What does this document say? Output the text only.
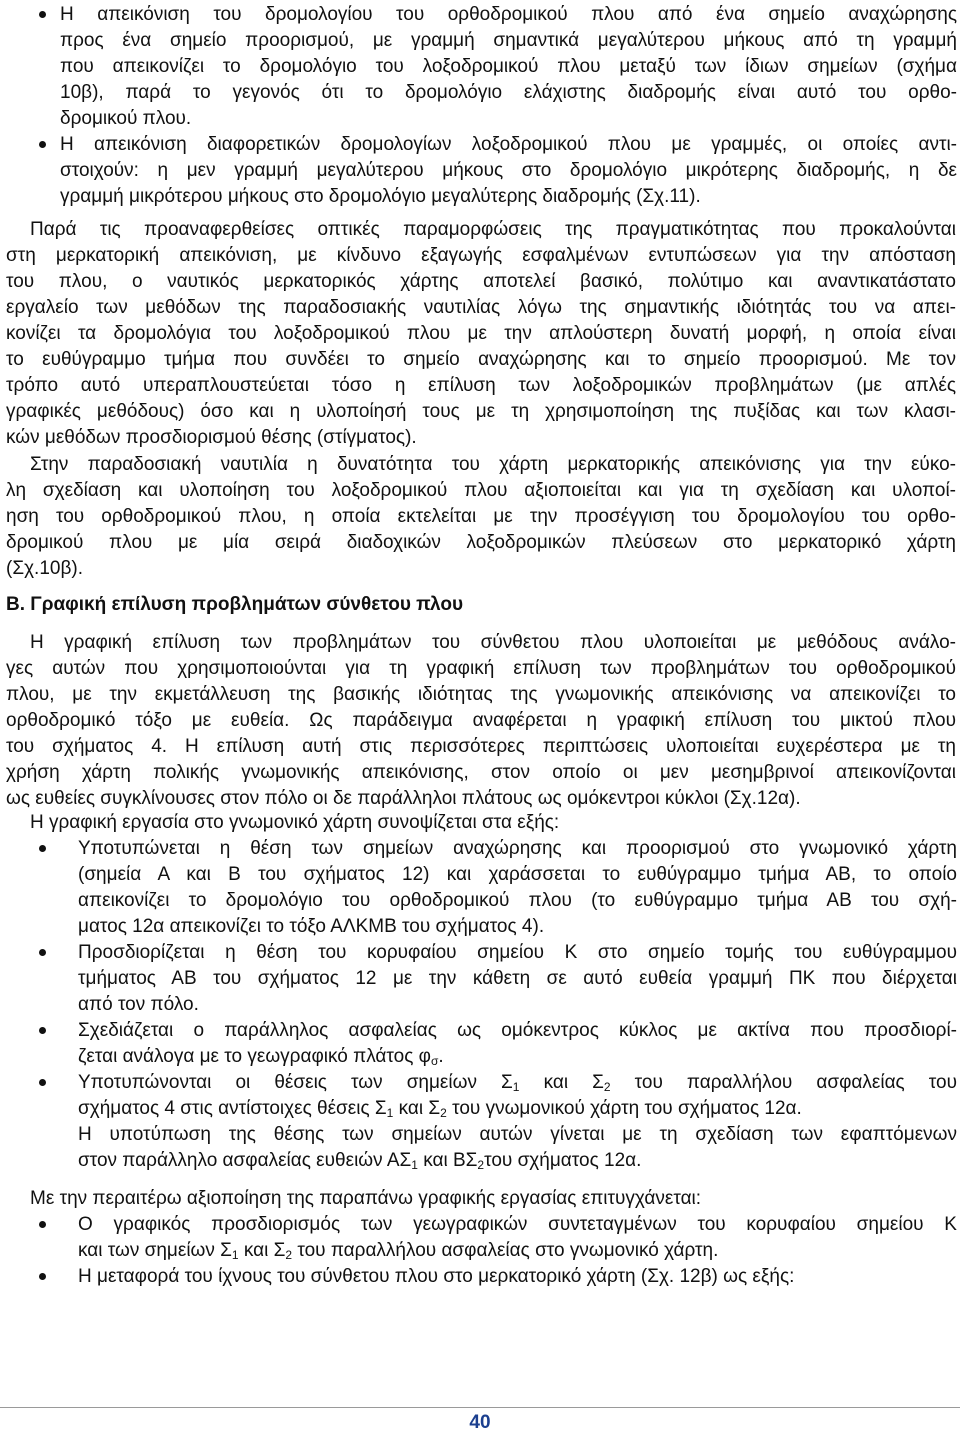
Η απεικόνιση του δρομολογίου του ορθοδρομικού πλου από ένα σημείο αναχώρησης
προς ένα σημείο προορισμού, με γραμμή σημαντικά μεγαλύτερου μήκους από τη γραμμή
που απεικονίζει το δρομολόγιο του λοξοδρομικού πλου μεταξύ των ίδιων σημείων (σχήμα
10β), παρά το γεγονός ότι το δρομολόγιο ελάχιστης διαδρομής είναι αυτό του ορθο-
δρομικού πλου.
Η απεικόνιση διαφορετικών δρομολογίων λοξοδρομικού πλου με γραμμές, οι οποίες αντι-
στοιχούν: η μεν γραμμή μεγαλύτερου μήκους στο δρομολόγιο μικρότερης διαδρομής, η δε
γραμμή μικρότερου μήκους στο δρομολόγιο μεγαλύτερης διαδρομής (Σχ.11).
Παρά τις προαναφερθείσες οπτικές παραμορφώσεις της πραγματικότητας που προκαλούνται
στη μερκατορική απεικόνιση, με κίνδυνο εξαγωγής εσφαλμένων εντυπώσεων για την απόσταση
του πλου, ο ναυτικός μερκατορικός χάρτης αποτελεί βασικό, πολύτιμο και αναντικατάστατο
εργαλείο των μεθόδων της παραδοσιακής ναυτιλίας λόγω της σημαντικής ιδιότητάς του να απει-
κονίζει τα δρομολόγια του λοξοδρομικού πλου με την απλούστερη δυνατή μορφή, η οποία είναι
το ευθύγραμμο τμήμα που συνδέει το σημείο αναχώρησης και το σημείο προορισμού. Με τον
τρόπο αυτό υπεραπλουστεύεται τόσο η επίλυση των λοξοδρομικών προβλημάτων (με απλές
γραφικές μεθόδους) όσο και η υλοποίησή τους με τη χρησιμοποίηση της πυξίδας και των κλασι-
κών μεθόδων προσδιορισμού θέσης (στίγματος).
Στην παραδοσιακή ναυτιλία η δυνατότητα του χάρτη μερκατορικής απεικόνισης για την εύκο-
λη σχεδίαση και υλοποίηση του λοξοδρομικού πλου αξιοποιείται και για τη σχεδίαση και υλοποί-
ηση του ορθοδρομικού πλου, η οποία εκτελείται με την προσέγγιση του δρομολογίου του ορθο-
δρομικού πλου με μία σειρά διαδοχικών λοξοδρομικών πλεύσεων στο μερκατορικό χάρτη
(Σχ.10β).
Β. Γραφική επίλυση προβλημάτων σύνθετου πλου
Η γραφική επίλυση των προβλημάτων του σύνθετου πλου υλοποιείται με μεθόδους ανάλο-
γες αυτών που χρησιμοποιούνται για τη γραφική επίλυση των προβλημάτων του ορθοδρομικού
πλου, με την εκμετάλλευση της βασικής ιδιότητας της γνωμονικής απεικόνισης να απεικονίζει το
ορθοδρομικό τόξο με ευθεία. Ως παράδειγμα αναφέρεται η γραφική επίλυση του μικτού πλου
του σχήματος 4. Η επίλυση αυτή στις περισσότερες περιπτώσεις υλοποιείται ευχερέστερα με τη
χρήση χάρτη πολικής γνωμονικής απεικόνισης, στον οποίο οι μεν μεσημβρινοί απεικονίζονται
ως ευθείες συγκλίνουσες στον πόλο οι δε παράλληλοι πλάτους ως ομόκεντροι κύκλοι (Σχ.12α).
Η γραφική εργασία στο γνωμονικό χάρτη συνοψίζεται στα εξής:
Υποτυπώνεται η θέση των σημείων αναχώρησης και προορισμού στο γνωμονικό χάρτη
(σημεία Α και Β του σχήματος 12) και χαράσσεται το ευθύγραμμο τμήμα ΑΒ, το οποίο
απεικονίζει το δρομολόγιο του ορθοδρομικού πλου (το ευθύγραμμο τμήμα ΑΒ του σχή-
ματος 12α απεικονίζει το τόξο ΑΛΚΜΒ του σχήματος 4).
Προσδιορίζεται η θέση του κορυφαίου σημείου Κ στο σημείο τομής του ευθύγραμμου
τμήματος ΑΒ του σχήματος 12 με την κάθετη σε αυτό ευθεία γραμμή ΠΚ που διέρχεται
από τον πόλο.
Σχεδιάζεται ο παράλληλος ασφαλείας ως ομόκεντρος κύκλος με ακτίνα που προσδιορί-
ζεται ανάλογα με το γεωγραφικό πλάτος $\varphi_\sigma$.
Υποτυπώνονται οι θέσεις των σημείων $\Sigma_1$ και $\Sigma_2$ του παραλλήλου ασφαλείας του
σχήματος 4 στις αντίστοιχες θέσεις $\Sigma_1$ και $\Sigma_2$ του γνωμονικού χάρτη του σχήματος 12α.
Η υποτύπωση της θέσης των σημείων αυτών γίνεται με τη σχεδίαση των εφαπτόμενων
στον παράλληλο ασφαλείας ευθειών $A\Sigma_1$ και $B\Sigma_2\tau o\upsilon$ σχήματος 12α.
Με την περαιτέρω αξιοποίηση της παραπάνω γραφικής εργασίας επιτυγχάνεται:
Ο γραφικός προσδιορισμός των γεωγραφικών συντεταγμένων του κορυφαίου σημείου Κ
και των σημείων $\Sigma_1$ και $\Sigma_2$ του παραλλήλου ασφαλείας στο γνωμονικό χάρτη.
Η μεταφορά του ίχνους του σύνθετου πλου στο μερκατορικό χάρτη (Σχ. 12β) ως εξής:
40
